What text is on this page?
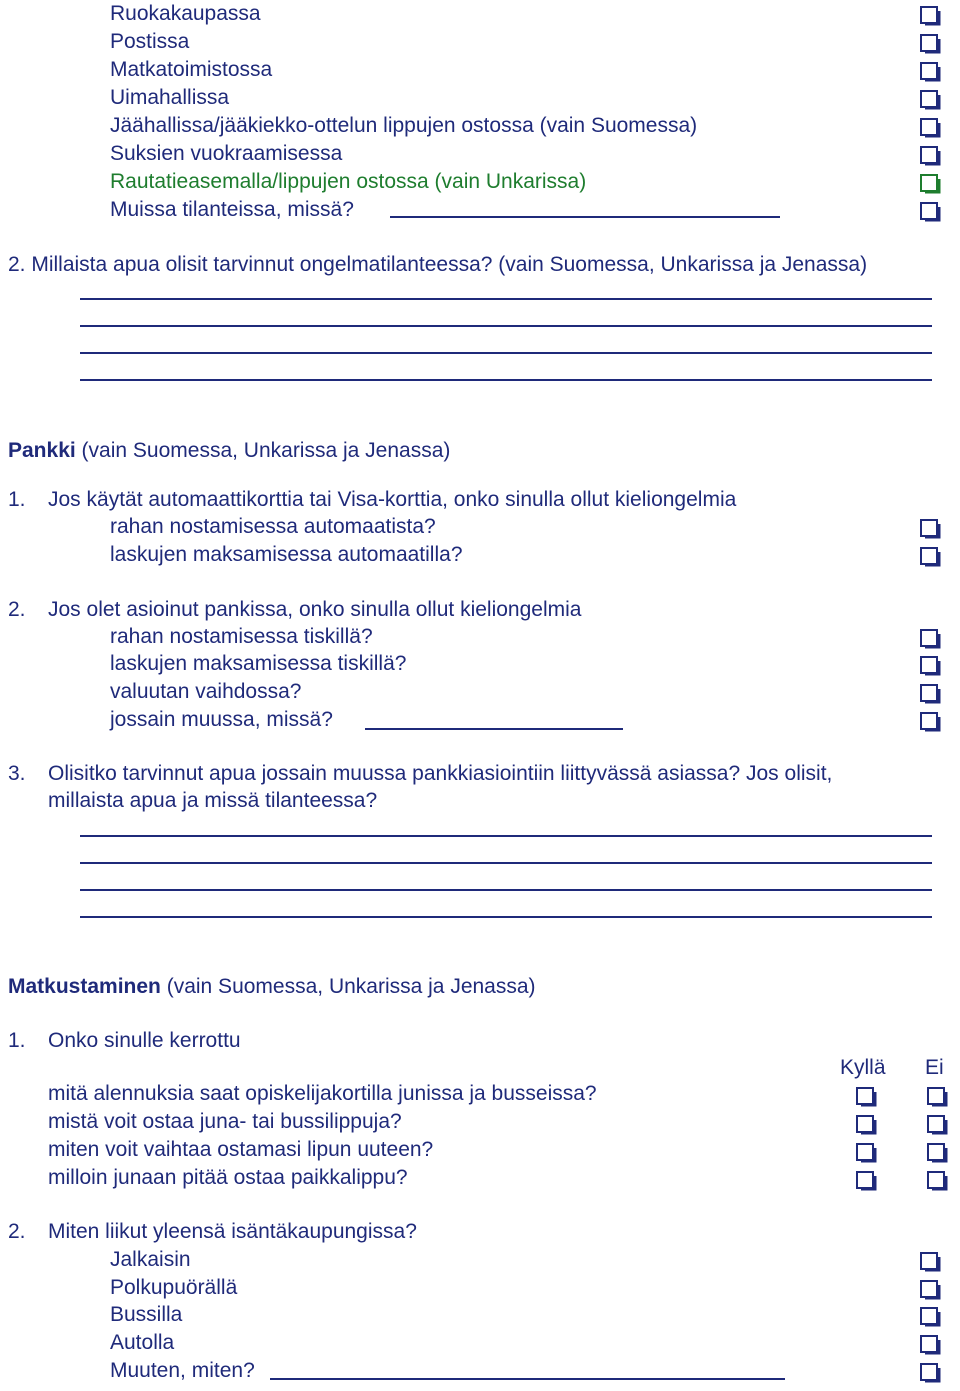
Ruokakaupassa
Postissa
Matkatoimistossa
Uimahallissa
Jäähallissa/jääkiekko-ottelun lippujen ostossa (vain Suomessa)
Suksien vuokraamisessa
Rautatieasemalla/lippujen ostossa (vain Unkarissa)
Muissa tilanteissa, missä?
2. Millaista apua olisit tarvinnut ongelmatilanteessa? (vain Suomessa, Unkarissa ja Jenassa)
Pankki (vain Suomessa, Unkarissa ja Jenassa)
1. Jos käytät automaattikorttia tai Visa-korttia, onko sinulla ollut kieliongelmia
rahan nostamisessa automaatista?
laskujen maksamisessa automaatilla?
2. Jos olet asioinut pankissa, onko sinulla ollut kieliongelmia
rahan nostamisessa tiskillä?
laskujen maksamisessa tiskillä?
valuutan vaihdossa?
jossain muussa, missä?
3. Olisitko tarvinnut apua jossain muussa pankkiasiointiin liittyvässä asiassa? Jos olisit,
millaista apua ja missä tilanteessa?
Matkustaminen (vain Suomessa, Unkarissa ja Jenassa)
1. Onko sinulle kerrottu
Kyllä Ei
mitä alennuksia saat opiskelijakortilla junissa ja busseissa?
mistä voit ostaa juna- tai bussilippuja?
miten voit vaihtaa ostamasi lipun uuteen?
milloin junaan pitää ostaa paikkalippu?
2. Miten liikut yleensä isäntäkaupungissa?
Jalkaisin
Polkupuörällä
Bussilla
Autolla
Muuten, miten?
